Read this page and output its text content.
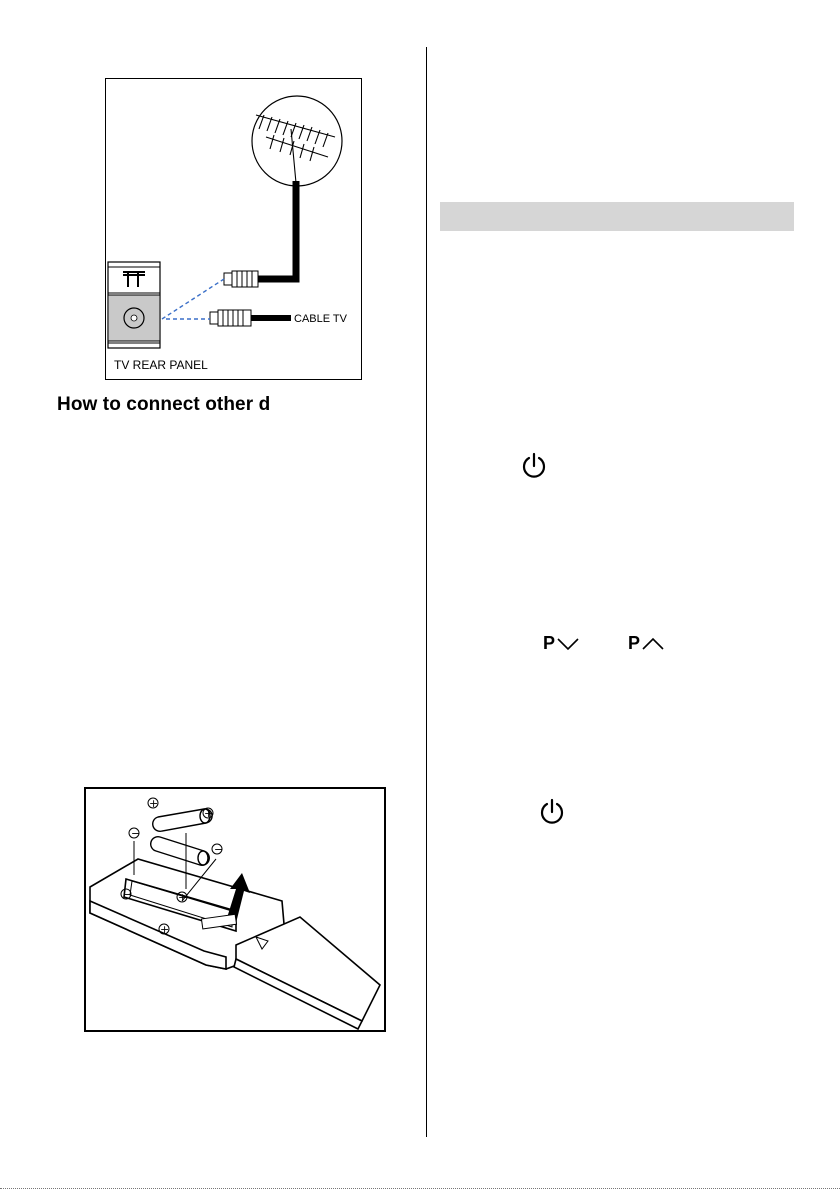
CABLE TV
TV REAR PANEL
How to connect other d
+
+
−
−
−	+
+
P	P
